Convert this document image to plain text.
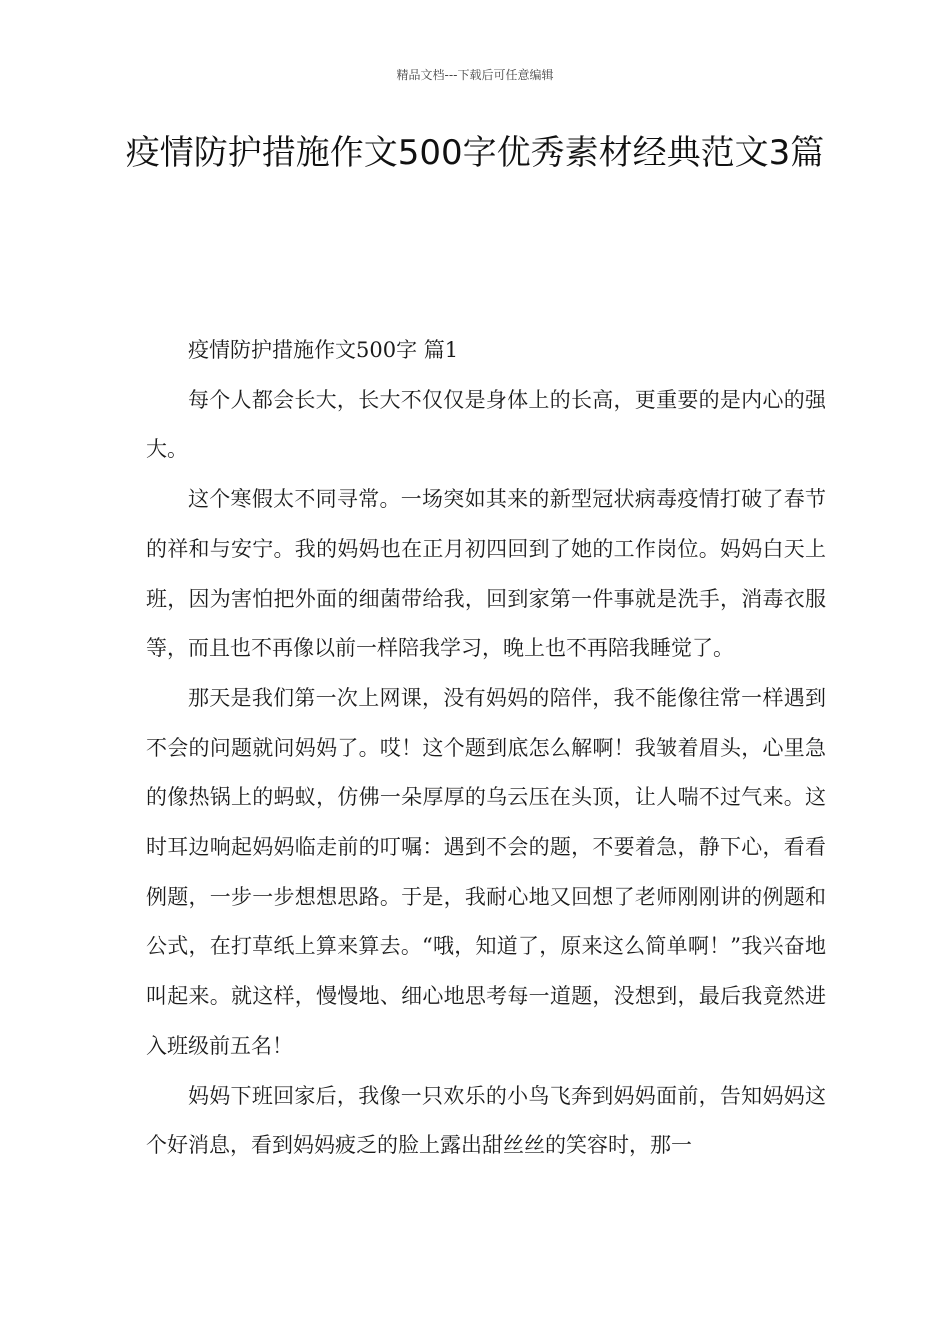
精品文档---下载后可任意编辑
疫情防护措施作文500字优秀素材经典范文3篇

疫情防护措施作文500字 篇1

每个人都会长大，长大不仅仅是身体上的长高，更重要的是内心的强大。

这个寒假太不同寻常。一场突如其来的新型冠状病毒疫情打破了春节的祥和与安宁。我的妈妈也在正月初四回到了她的工作岗位。妈妈白天上班，因为害怕把外面的细菌带给我，回到家第一件事就是洗手，消毒衣服等，而且也不再像以前一样陪我学习，晚上也不再陪我睡觉了。

那天是我们第一次上网课，没有妈妈的陪伴，我不能像往常一样遇到不会的问题就问妈妈了。哎！这个题到底怎么解啊！我皱着眉头，心里急的像热锅上的蚂蚁，仿佛一朵厚厚的乌云压在头顶，让人喘不过气来。这时耳边响起妈妈临走前的叮嘱：遇到不会的题，不要着急，静下心，看看例题，一步一步想想思路。于是，我耐心地又回想了老师刚刚讲的例题和公式，在打草纸上算来算去。“哦，知道了，原来这么简单啊！”我兴奋地叫起来。就这样，慢慢地、细心地思考每一道题，没想到，最后我竟然进入班级前五名！

妈妈下班回家后，我像一只欢乐的小鸟飞奔到妈妈面前，告知妈妈这个好消息，看到妈妈疲乏的脸上露出甜丝丝的笑容时，那一
